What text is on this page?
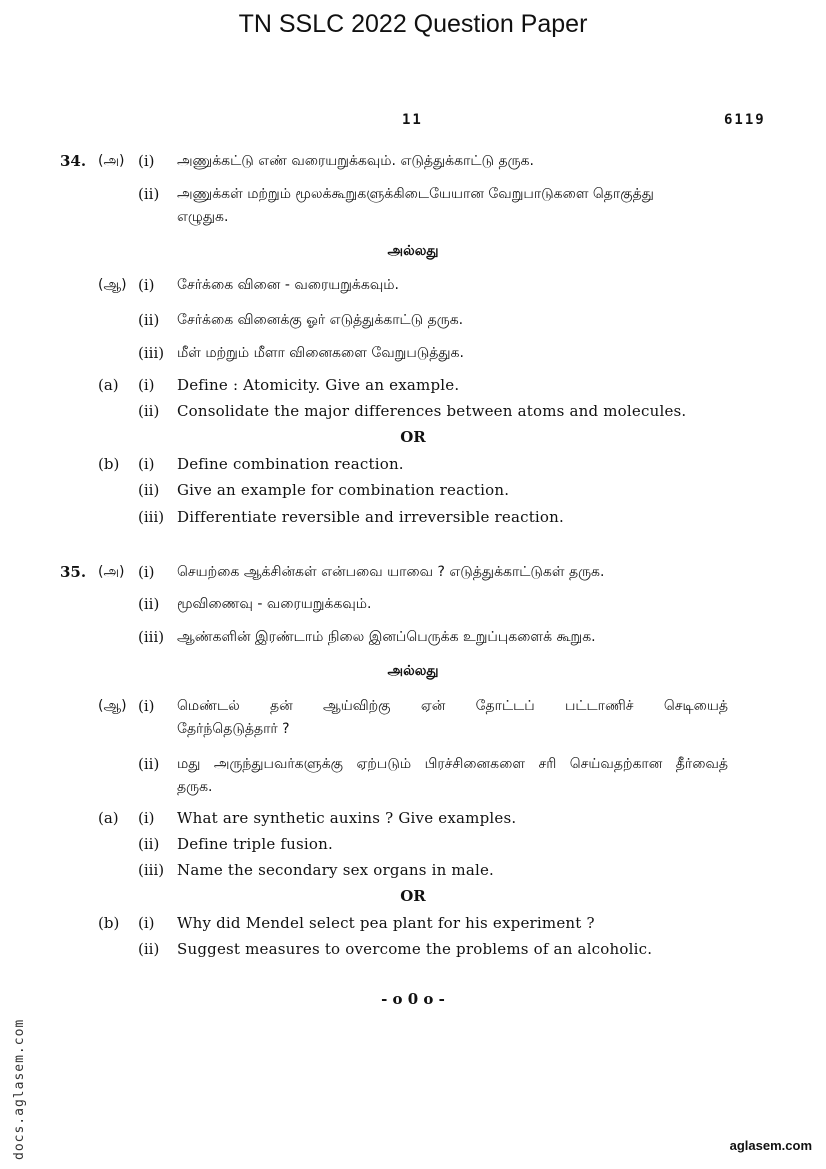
TN SSLC 2022 Question Paper
11	6119
34. (அ) (i) அணுக்கட்டு எண் வரையறுக்கவும். எடுத்துக்காட்டு தருக.
(ii) அணுக்கள் மற்றும் மூலக்கூறுகளுக்கிடையேயான வேறுபாடுகளை தொகுத்து
எழுதுக.
அல்லது
(ஆ) (i) சேர்க்கை வினை - வரையறுக்கவும்.
(ii) சேர்க்கை வினைக்கு ஓர் எடுத்துக்காட்டு தருக.
(iii) மீள் மற்றும் மீளா வினைகளை வேறுபடுத்துக.
(a) (i) Define : Atomicity. Give an example.
(ii) Consolidate the major differences between atoms and molecules.
OR
(b) (i) Define combination reaction.
(ii) Give an example for combination reaction.
(iii) Differentiate reversible and irreversible reaction.
35. (அ) (i) செயற்கை ஆக்சின்கள் என்பவை யாவை ? எடுத்துக்காட்டுகள் தருக.
(ii) மூவிணைவு - வரையறுக்கவும்.
(iii) ஆண்களின் இரண்டாம் நிலை இனப்பெருக்க உறுப்புகளைக் கூறுக.
அல்லது
(ஆ) (i) மெண்டல் தன் ஆய்விற்கு ஏன் தோட்டப் பட்டாணிச் செடியைத்
தேர்ந்தெடுத்தார் ?
(ii) மது அருந்துபவர்களுக்கு ஏற்படும் பிரச்சினைகளை சரி செய்வதற்கான தீர்வைத்
தருக.
(a) (i) What are synthetic auxins ? Give examples.
(ii) Define triple fusion.
(iii) Name the secondary sex organs in male.
OR
(b) (i) Why did Mendel select pea plant for his experiment ?
(ii) Suggest measures to overcome the problems of an alcoholic.
- o 0 o -
docs.aglasem.com	aglasem.com
